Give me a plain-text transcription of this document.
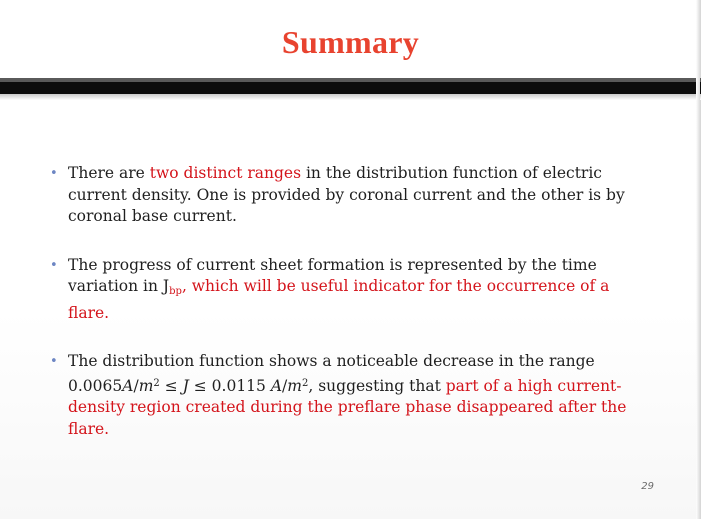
Summary
• There are two distinct ranges in the distribution function of electric current density. One is provided by coronal current and the other is by coronal base current.
• The progress of current sheet formation is represented by the time variation in $J_{bp}$, which will be useful indicator for the occurrence of a flare.
• The distribution function shows a noticeable decrease in the range $0.0065A/m^2 \le J \le 0.0115$ $A/m^2$, suggesting that part of a high current-density region created during the preflare phase disappeared after the flare.
29
